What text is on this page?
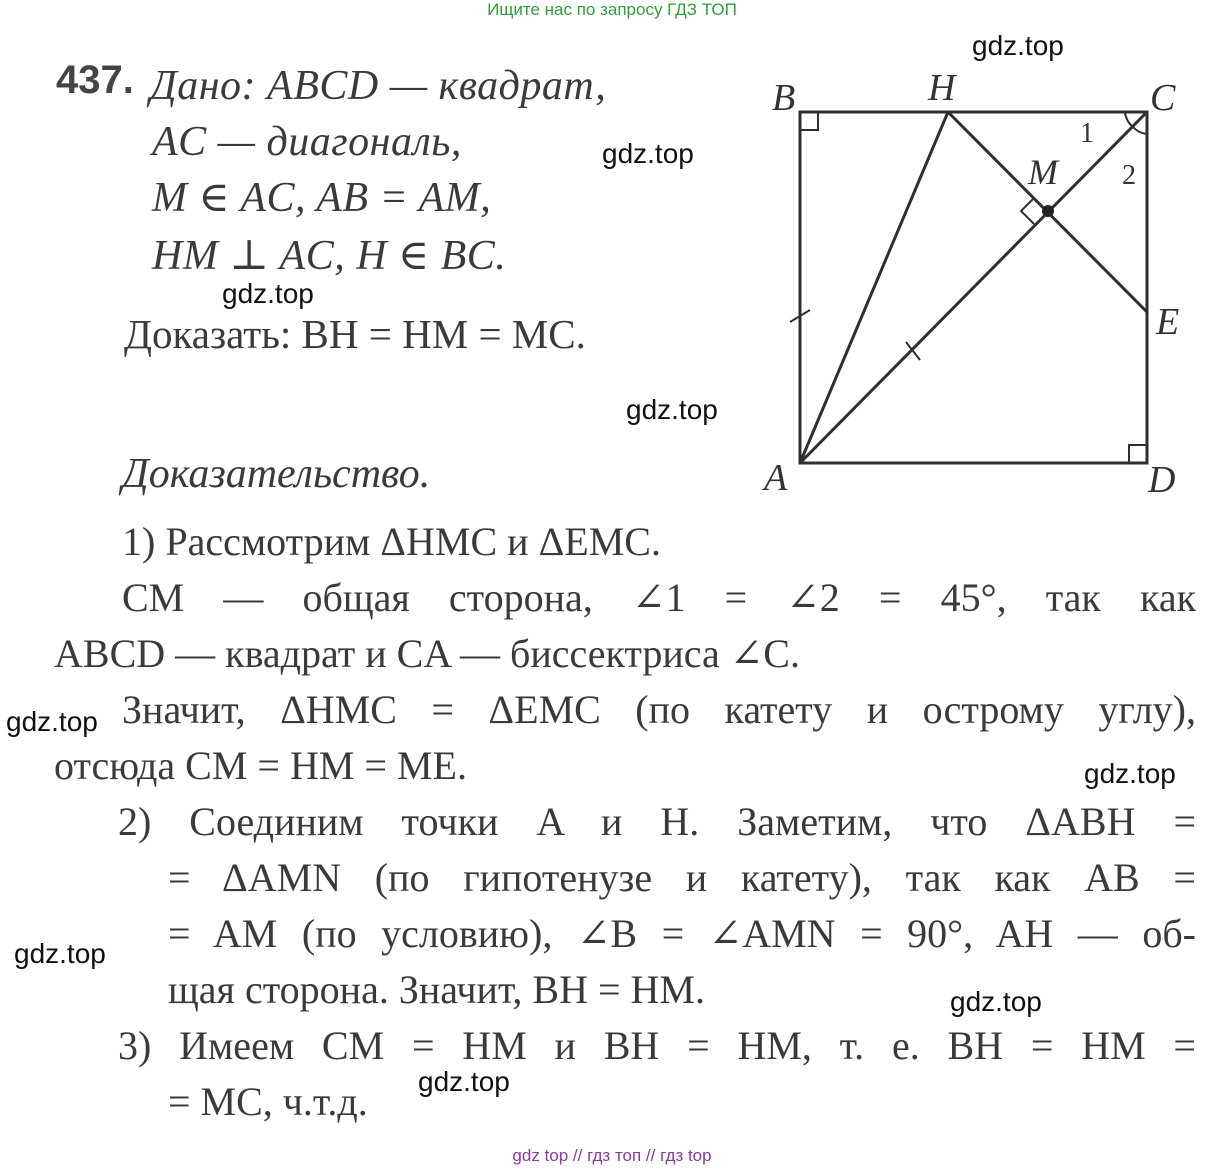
Ищите нас по запросу ГДЗ ТОП
437. Дано: ABCD — квадрат,
AC — диагональ,
M ∈ AC, AB = AM,
HM ⊥ AC, H ∈ BC.
Доказать: BH = HM = MC.
B	H	C
M
1
2
E
A	D
Доказательство.
1) Рассмотрим ΔHMC и ΔEMC.
CM — общая сторона, ∠1 = ∠2 = 45°, так как
ABCD — квадрат и CA — биссектриса ∠C.
Значит, ΔHMC = ΔEMC (по катету и острому углу),
отсюда CM = HM = ME.
2) Соединим точки A и H. Заметим, что ΔABH =
= ΔAMN (по гипотенузе и катету), так как AB =
= AM (по условию), ∠B = ∠AMN = 90°, AH — об-
щая сторона. Значит, BH = HM.
3) Имеем CM = HM и BH = HM, т. е. BH = HM =
= MC, ч.т.д.
gdz.top
gdz.top
gdz.top
gdz.top
gdz.top
gdz.top
gdz.top
gdz.top
gdz.top
gdz top // гдз топ // гдз top
